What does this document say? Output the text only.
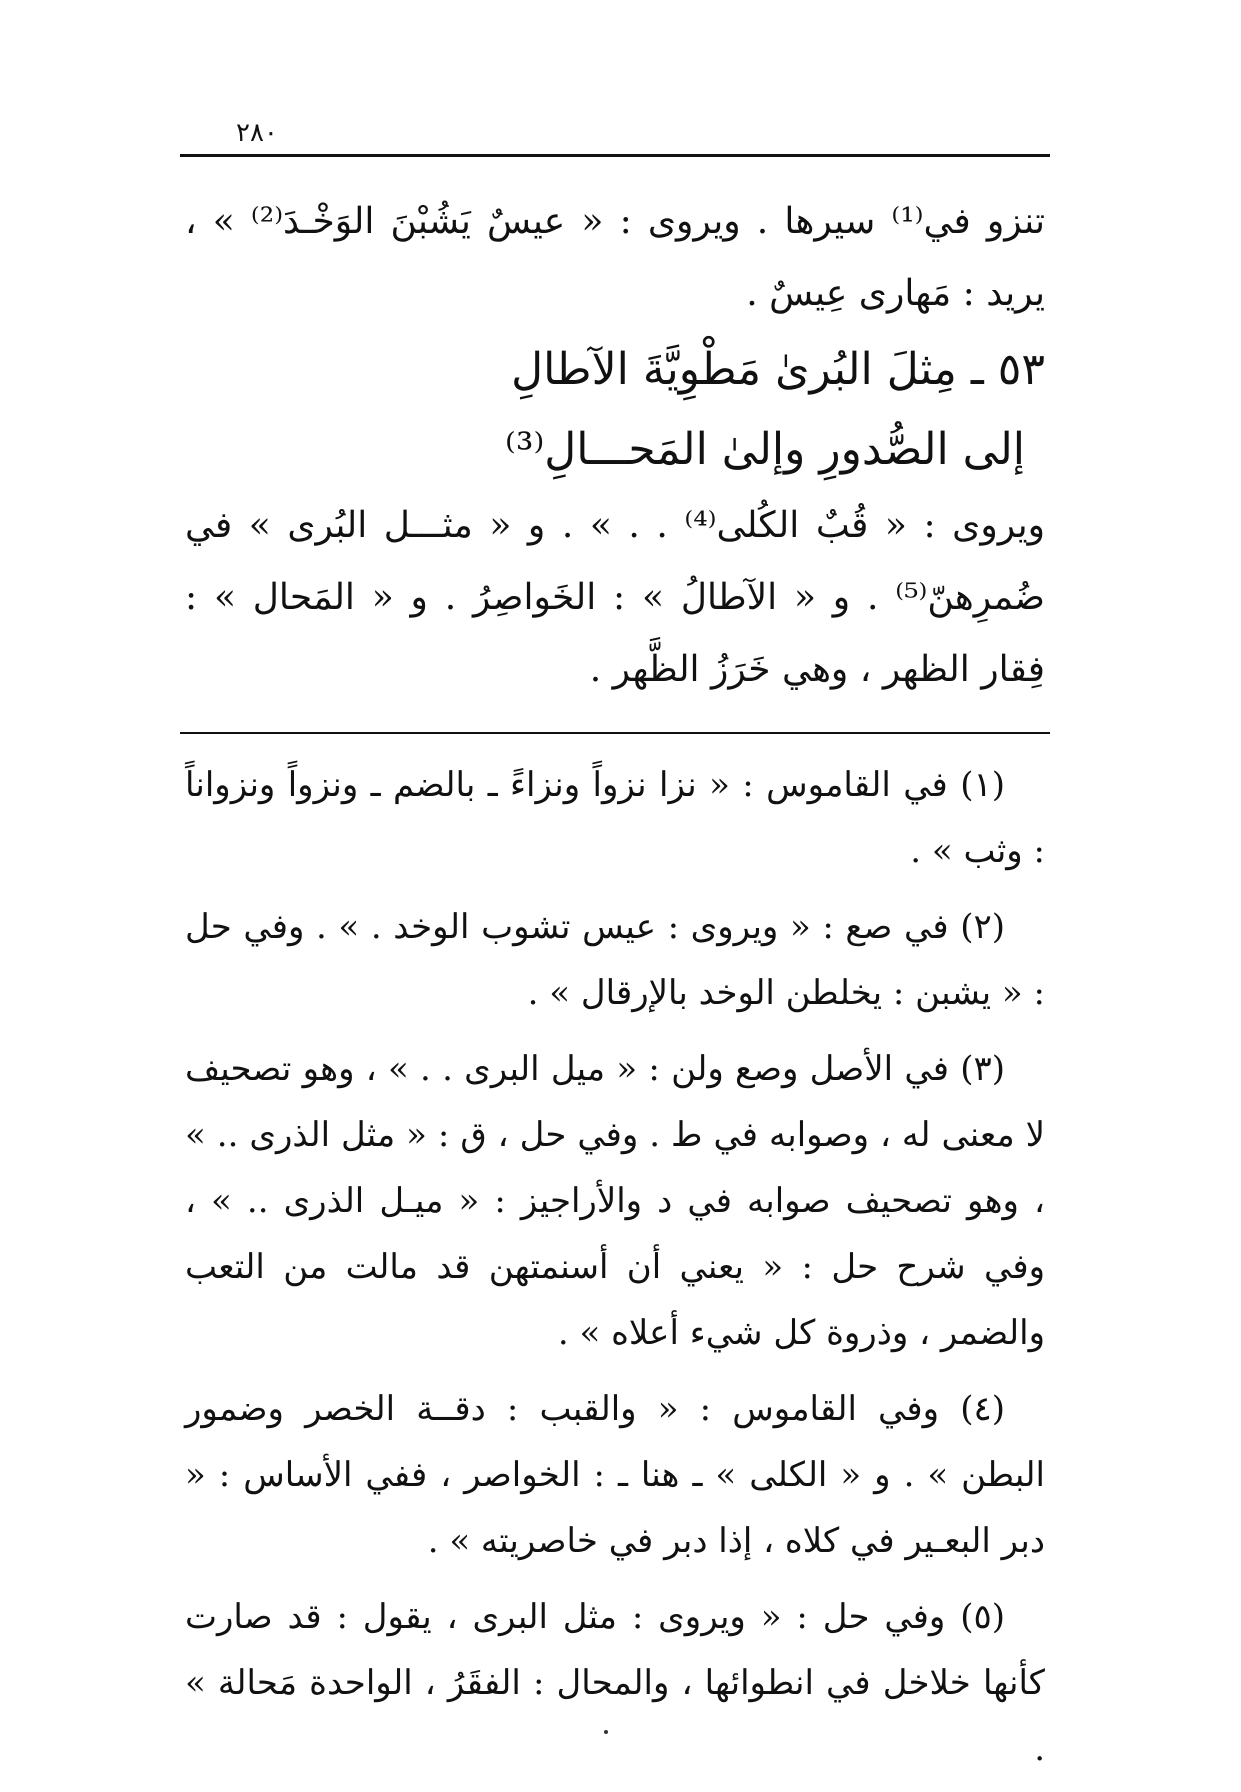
٢٨٠

تنزو في⁽¹⁾ سيرها . ويروى : « عيسٌ يَشُبْنَ الوَخْـدَ⁽²⁾ » ، يريد : مَهارى عِيسٌ .

٥٣ ـ مِثلَ البُرىٰ مَطْوِيَّةَ الآطالِ

إلى الصُّدورِ وإلىٰ المَحـــالِ⁽³⁾

ويروى : « قُبٌ الكُلى⁽⁴⁾ . . » . و « مثـــل البُرى » في ضُمرِهنّ⁽⁵⁾ . و « الآطالُ » : الخَواصِرُ . و « المَحال » : فِقار الظهر ، وهي خَرَزُ الظَّهر .

(١) في القاموس : « نزا نزواً ونزاءً ـ بالضم ـ ونزواً ونزواناً : وثب » .

(٢) في صع : « ويروى : عيس تشوب الوخد . » . وفي حل : « يشبن : يخلطن الوخد بالإرقال » .

(٣) في الأصل وصع ولن : « ميل البرى . . » ، وهو تصحيف لا معنى له ، وصوابه في ط . وفي حل ، ق : « مثل الذرى .. » ، وهو تصحيف صوابه في د والأراجيز : « ميـل الذرى .. » ، وفي شرح حل : « يعني أن أسنمتهن قد مالت من التعب والضمر ، وذروة كل شيء أعلاه » .

(٤) وفي القاموس : « والقبب : دقــة الخصر وضمور البطن » . و « الكلى » ـ هنا ـ : الخواصر ، ففي الأساس : « دبر البعـير في كلاه ، إذا دبر في خاصريته » .

(٥) وفي حل : « ويروى : مثل البرى ، يقول : قد صارت كأنها خلاخل في انطوائها ، والمحال : الفقَرُ ، الواحدة مَحالة » .
